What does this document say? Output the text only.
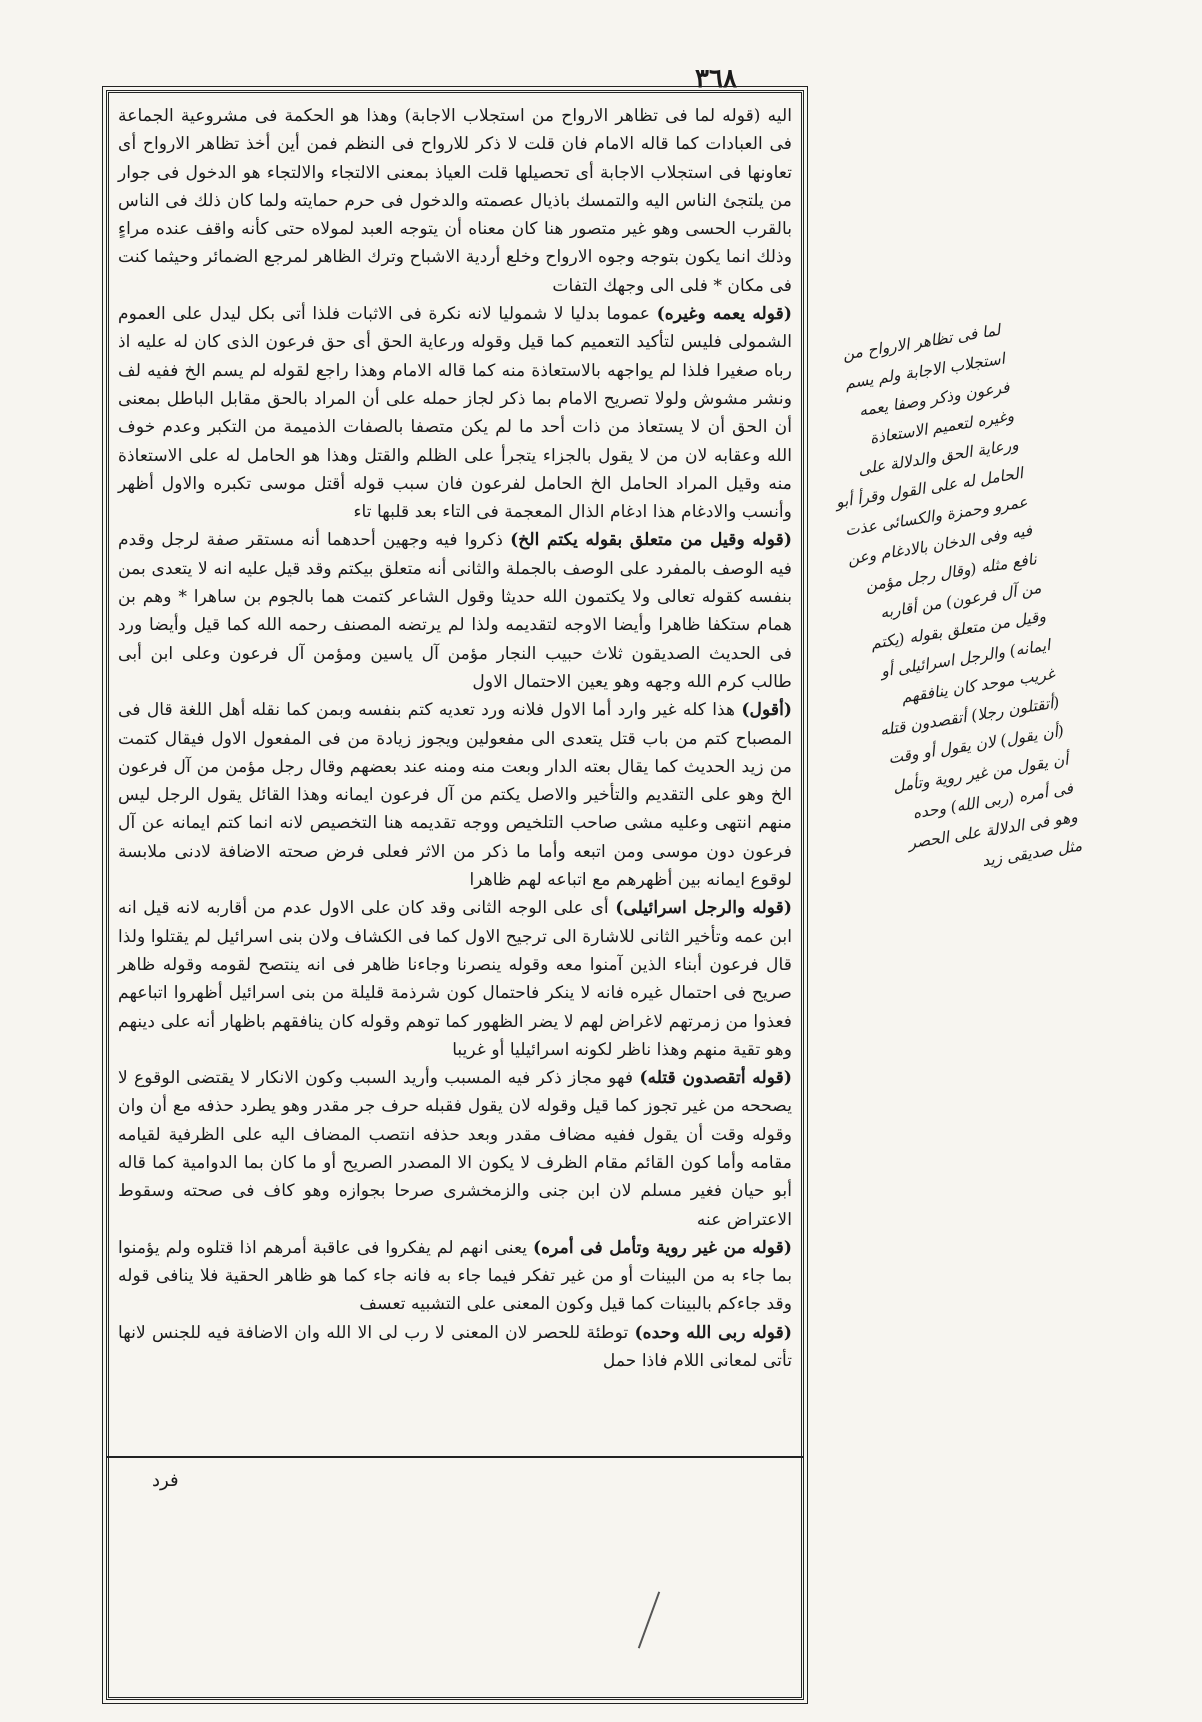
٣٦٨

اليه (قوله لما فى تظاهر الارواح من استجلاب الاجابة) وهذا هو الحكمة فى مشروعية الجماعة فى العبادات كما قاله الامام فان قلت لا ذكر للارواح فى النظم فمن أين أخذ تظاهر الارواح أى تعاونها فى استجلاب الاجابة أى تحصيلها قلت العياذ بمعنى الالتجاء والالتجاء هو الدخول فى جوار من يلتجئ الناس اليه والتمسك باذيال عصمته والدخول فى حرم حمايته ولما كان ذلك فى الناس بالقرب الحسى وهو غير متصور هنا كان معناه أن يتوجه العبد لمولاه حتى كأنه واقف عنده مراءٍ وذلك انما يكون بتوجه وجوه الارواح وخلع أردية الاشباح وترك الظاهر لمرجع الضمائر وحيثما كنت فى مكان * فلى الى وجهك التفات

(قوله يعمه وغيره) عموما بدليا لا شموليا لانه نكرة فى الاثبات فلذا أتى بكل ليدل على العموم الشمولى فليس لتأكيد التعميم كما قيل وقوله ورعاية الحق أى حق فرعون الذى كان له عليه اذ رباه صغيرا فلذا لم يواجهه بالاستعاذة منه كما قاله الامام وهذا راجع لقوله لم يسم الخ ففيه لف ونشر مشوش ولولا تصريح الامام بما ذكر لجاز حمله على أن المراد بالحق مقابل الباطل بمعنى أن الحق أن لا يستعاذ من ذات أحد ما لم يكن متصفا بالصفات الذميمة من التكبر وعدم خوف الله وعقابه لان من لا يقول بالجزاء يتجرأ على الظلم والقتل وهذا هو الحامل له على الاستعاذة منه وقيل المراد الحامل الخ الحامل لفرعون فان سبب قوله أقتل موسى تكبره والاول أظهر وأنسب والادغام هذا ادغام الذال المعجمة فى التاء بعد قلبها تاء

(قوله وقيل من متعلق بقوله يكتم الخ) ذكروا فيه وجهين أحدهما أنه مستقر صفة لرجل وقدم فيه الوصف بالمفرد على الوصف بالجملة والثانى أنه متعلق بيكتم وقد قيل عليه انه لا يتعدى بمن بنفسه كقوله تعالى ولا يكتمون الله حديثا وقول الشاعر كتمت هما بالجوم بن ساهرا * وهم بن همام ستكفا ظاهرا وأيضا الاوجه لتقديمه ولذا لم يرتضه المصنف رحمه الله كما قيل وأيضا ورد فى الحديث الصديقون ثلاث حبيب النجار مؤمن آل ياسين ومؤمن آل فرعون وعلى ابن أبى طالب كرم الله وجهه وهو يعين الاحتمال الاول

(أقول) هذا كله غير وارد أما الاول فلانه ورد تعديه كتم بنفسه وبمن كما نقله أهل اللغة قال فى المصباح كتم من باب قتل يتعدى الى مفعولين ويجوز زيادة من فى المفعول الاول فيقال كتمت من زيد الحديث كما يقال بعته الدار وبعت منه ومنه عند بعضهم وقال رجل مؤمن من آل فرعون الخ وهو على التقديم والتأخير والاصل يكتم من آل فرعون ايمانه وهذا القائل يقول الرجل ليس منهم انتهى وعليه مشى صاحب التلخيص ووجه تقديمه هنا التخصيص لانه انما كتم ايمانه عن آل فرعون دون موسى ومن اتبعه وأما ما ذكر من الاثر فعلى فرض صحته الاضافة لادنى ملابسة لوقوع ايمانه بين أظهرهم مع اتباعه لهم ظاهرا

(قوله والرجل اسرائيلى) أى على الوجه الثانى وقد كان على الاول عدم من أقاربه لانه قيل انه ابن عمه وتأخير الثانى للاشارة الى ترجيح الاول كما فى الكشاف ولان بنى اسرائيل لم يقتلوا ولذا قال فرعون أبناء الذين آمنوا معه وقوله ينصرنا وجاءنا ظاهر فى انه ينتصح لقومه وقوله ظاهر صريح فى احتمال غيره فانه لا ينكر فاحتمال كون شرذمة قليلة من بنى اسرائيل أظهروا اتباعهم فعذوا من زمرتهم لاغراض لهم لا يضر الظهور كما توهم وقوله كان ينافقهم باظهار أنه على دينهم وهو تقية منهم وهذا ناظر لكونه اسرائيليا أو غريبا

(قوله أتقصدون قتله) فهو مجاز ذكر فيه المسبب وأريد السبب وكون الانكار لا يقتضى الوقوع لا يصححه من غير تجوز كما قيل وقوله لان يقول فقبله حرف جر مقدر وهو يطرد حذفه مع أن وان وقوله وقت أن يقول ففيه مضاف مقدر وبعد حذفه انتصب المضاف اليه على الظرفية لقيامه مقامه وأما كون القائم مقام الظرف لا يكون الا المصدر الصريح أو ما كان بما الدوامية كما قاله أبو حيان فغير مسلم لان ابن جنى والزمخشرى صرحا بجوازه وهو كاف فى صحته وسقوط الاعتراض عنه

(قوله من غير روية وتأمل فى أمره) يعنى انهم لم يفكروا فى عاقبة أمرهم اذا قتلوه ولم يؤمنوا بما جاء به من البينات أو من غير تفكر فيما جاء به فانه جاء كما هو ظاهر الحقية فلا ينافى قوله وقد جاءكم بالبينات كما قيل وكون المعنى على التشبيه تعسف

(قوله ربى الله وحده) توطئة للحصر لان المعنى لا رب لى الا الله وان الاضافة فيه للجنس لانها تأتى لمعانى اللام فاذا حمل

فرد
لما فى تظاهر الارواح من استجلاب الاجابة ولم يسم فرعون وذكر وصفا يعمه وغيره لتعميم الاستعاذة ورعاية الحق والدلالة على الحامل له على القول وقرأ أبو عمرو وحمزة والكسائى عذت فيه وفى الدخان بالادغام وعن نافع مثله (وقال رجل مؤمن من آل فرعون) من أقاربه وقيل من متعلق بقوله (يكتم ايمانه) والرجل اسرائيلى أو غريب موحد كان ينافقهم (أتقتلون رجلا) أتقصدون قتله (أن يقول) لان يقول أو وقت أن يقول من غير روية وتأمل فى أمره (ربى الله) وحده وهو فى الدلالة على الحصر مثل صديقى زيد
